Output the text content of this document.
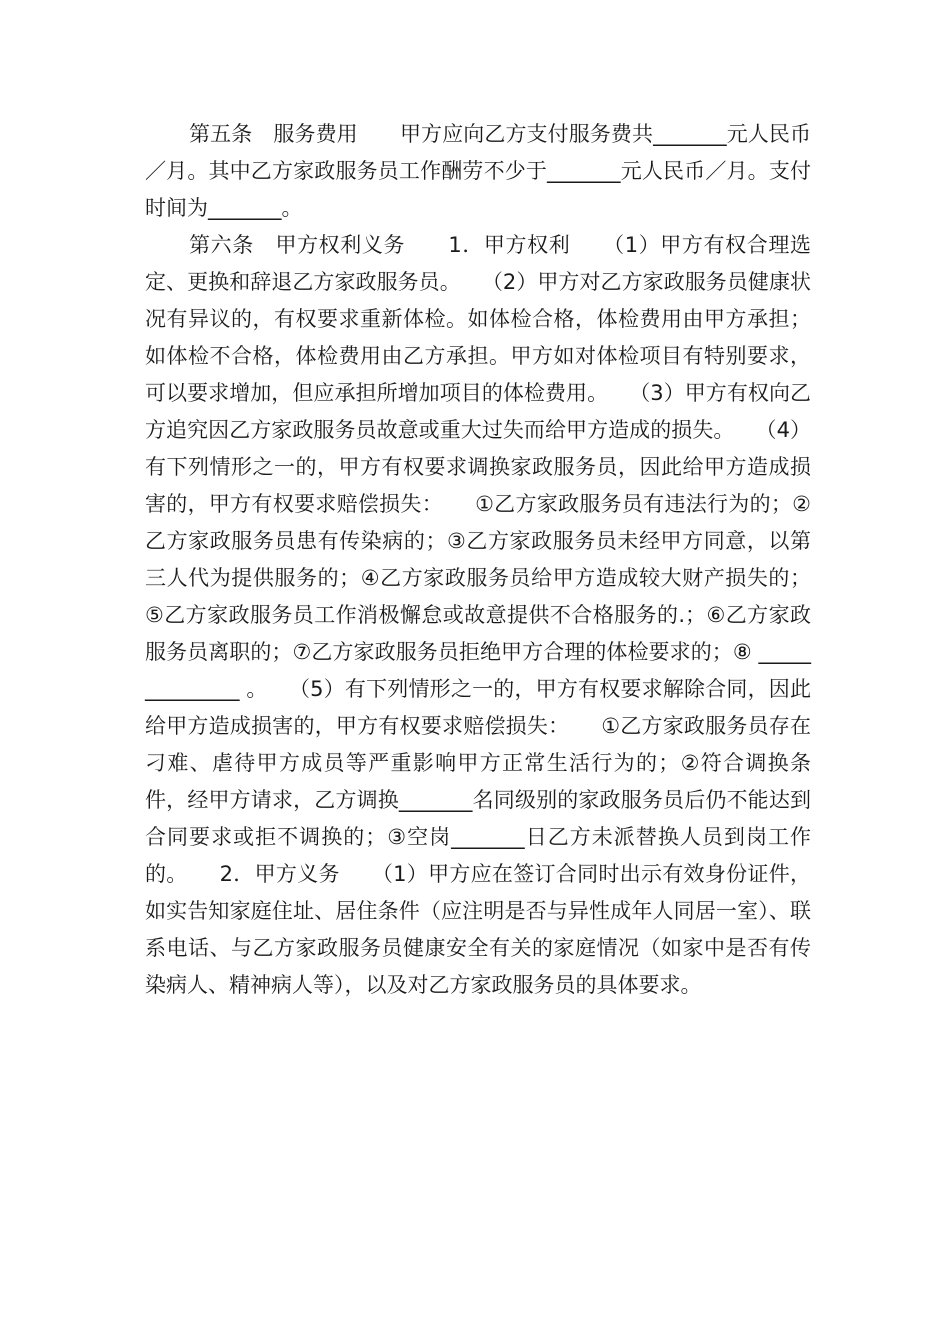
第五条　服务费用　　甲方应向乙方支付服务费共_______元人民币／月。其中乙方家政服务员工作酬劳不少于_______元人民币／月。支付时间为_______。

第六条　甲方权利义务　　1．甲方权利　　（1）甲方有权合理选定、更换和辞退乙方家政服务员。　　（2）甲方对乙方家政服务员健康状况有异议的，有权要求重新体检。如体检合格，体检费用由甲方承担；如体检不合格，体检费用由乙方承担。甲方如对体检项目有特别要求，可以要求增加，但应承担所增加项目的体检费用。　　（3）甲方有权向乙方追究因乙方家政服务员故意或重大过失而给甲方造成的损失。　　（4）有下列情形之一的，甲方有权要求调换家政服务员，因此给甲方造成损害的，甲方有权要求赔偿损失：　　①乙方家政服务员有违法行为的；②乙方家政服务员患有传染病的；③乙方家政服务员未经甲方同意，以第三人代为提供服务的；④乙方家政服务员给甲方造成较大财产损失的；⑤乙方家政服务员工作消极懈怠或故意提供不合格服务的.；⑥乙方家政服务员离职的；⑦乙方家政服务员拒绝甲方合理的体检要求的；⑧ ______________ 。　　（5）有下列情形之一的，甲方有权要求解除合同，因此给甲方造成损害的，甲方有权要求赔偿损失：　　①乙方家政服务员存在刁难、虐待甲方成员等严重影响甲方正常生活行为的；②符合调换条件，经甲方请求，乙方调换_______名同级别的家政服务员后仍不能达到合同要求或拒不调换的；③空岗_______日乙方未派替换人员到岗工作的。　　2．甲方义务　　（1）甲方应在签订合同时出示有效身份证件，如实告知家庭住址、居住条件（应注明是否与异性成年人同居一室）、联系电话、与乙方家政服务员健康安全有关的家庭情况（如家中是否有传染病人、精神病人等），以及对乙方家政服务员的具体要求。
